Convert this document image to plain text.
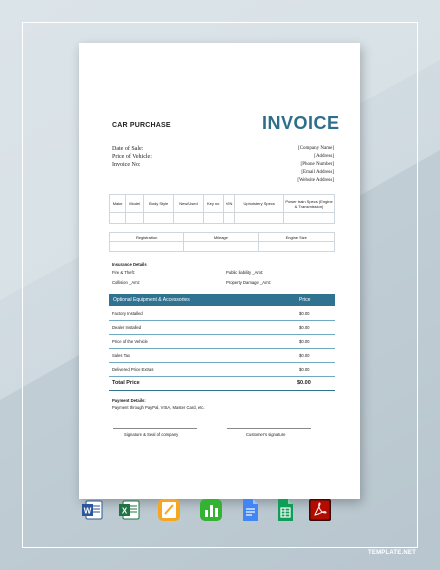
INVOICE
CAR PURCHASE
Date of Sale:
Price of Vehicle:
Invoice No:
[Company Name]
[Address]
[Phone Number]
[Email Address]
[Website Address]
Make	Model	Body Style	New/Used	Key no	VIN	Upholstery Specs	Power train Specs (Engine & Transmission)

Registration	Mileage	Engine Size

Insurance Details
Fire & Theft:
Collision _Amt:
Public liability _Amt:
Property Damage _Amt:
Optional Equipment & Accessories	Price
Factory Installed	$0.00
Dealer Installed	$0.00
Price of the Vehicle	$0.00
Sales Tax	$0.00
Delivered Price Extras	$0.00
Total Price	$0.00
Payment Details:
Payment through PayPal, VISA, Master Card, etc.
Signature & Seal of company	Customer's signature
W	X
TEMPLATE.NET
